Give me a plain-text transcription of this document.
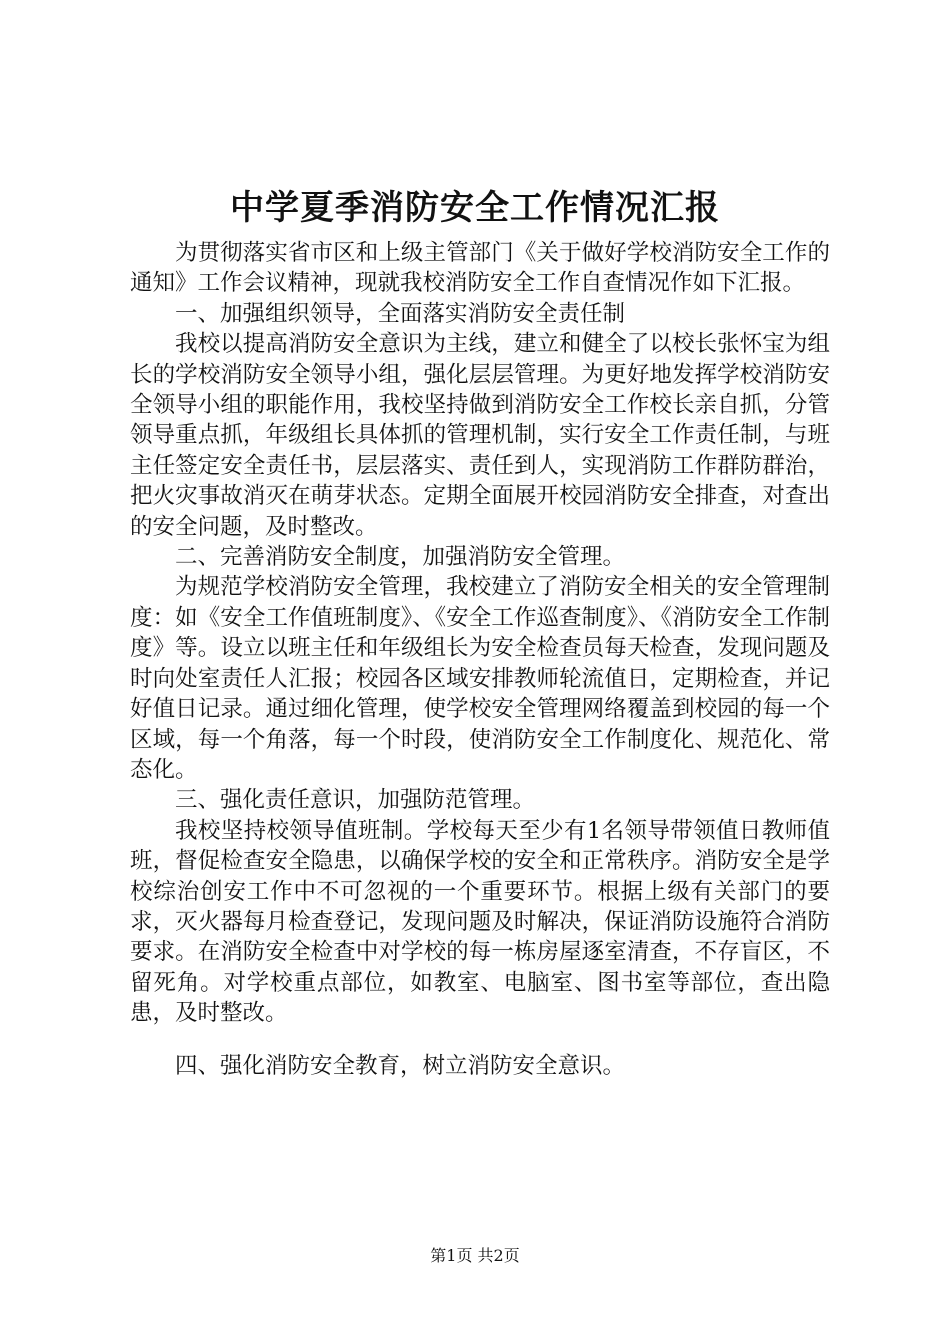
中学夏季消防安全工作情况汇报

为贯彻落实省市区和上级主管部门《关于做好学校消防安全工作的通知》工作会议精神，现就我校消防安全工作自查情况作如下汇报。

一、加强组织领导，全面落实消防安全责任制

我校以提高消防安全意识为主线，建立和健全了以校长张怀宝为组长的学校消防安全领导小组，强化层层管理。为更好地发挥学校消防安全领导小组的职能作用，我校坚持做到消防安全工作校长亲自抓，分管领导重点抓，年级组长具体抓的管理机制，实行安全工作责任制，与班主任签定安全责任书，层层落实、责任到人，实现消防工作群防群治，把火灾事故消灭在萌芽状态。定期全面展开校园消防安全排查，对查出的安全问题，及时整改。

二、完善消防安全制度，加强消防安全管理。

为规范学校消防安全管理，我校建立了消防安全相关的安全管理制度：如《安全工作值班制度》、《安全工作巡查制度》、《消防安全工作制度》等。设立以班主任和年级组长为安全检查员每天检查，发现问题及时向处室责任人汇报；校园各区域安排教师轮流值日，定期检查，并记好值日记录。通过细化管理，使学校安全管理网络覆盖到校园的每一个区域，每一个角落，每一个时段，使消防安全工作制度化、规范化、常态化。

三、强化责任意识，加强防范管理。

我校坚持校领导值班制。学校每天至少有1名领导带领值日教师值班，督促检查安全隐患，以确保学校的安全和正常秩序。消防安全是学校综治创安工作中不可忽视的一个重要环节。根据上级有关部门的要求，灭火器每月检查登记，发现问题及时解决，保证消防设施符合消防要求。在消防安全检查中对学校的每一栋房屋逐室清查，不存盲区，不留死角。对学校重点部位，如教室、电脑室、图书室等部位，查出隐患，及时整改。

四、强化消防安全教育，树立消防安全意识。

第1页 共2页
